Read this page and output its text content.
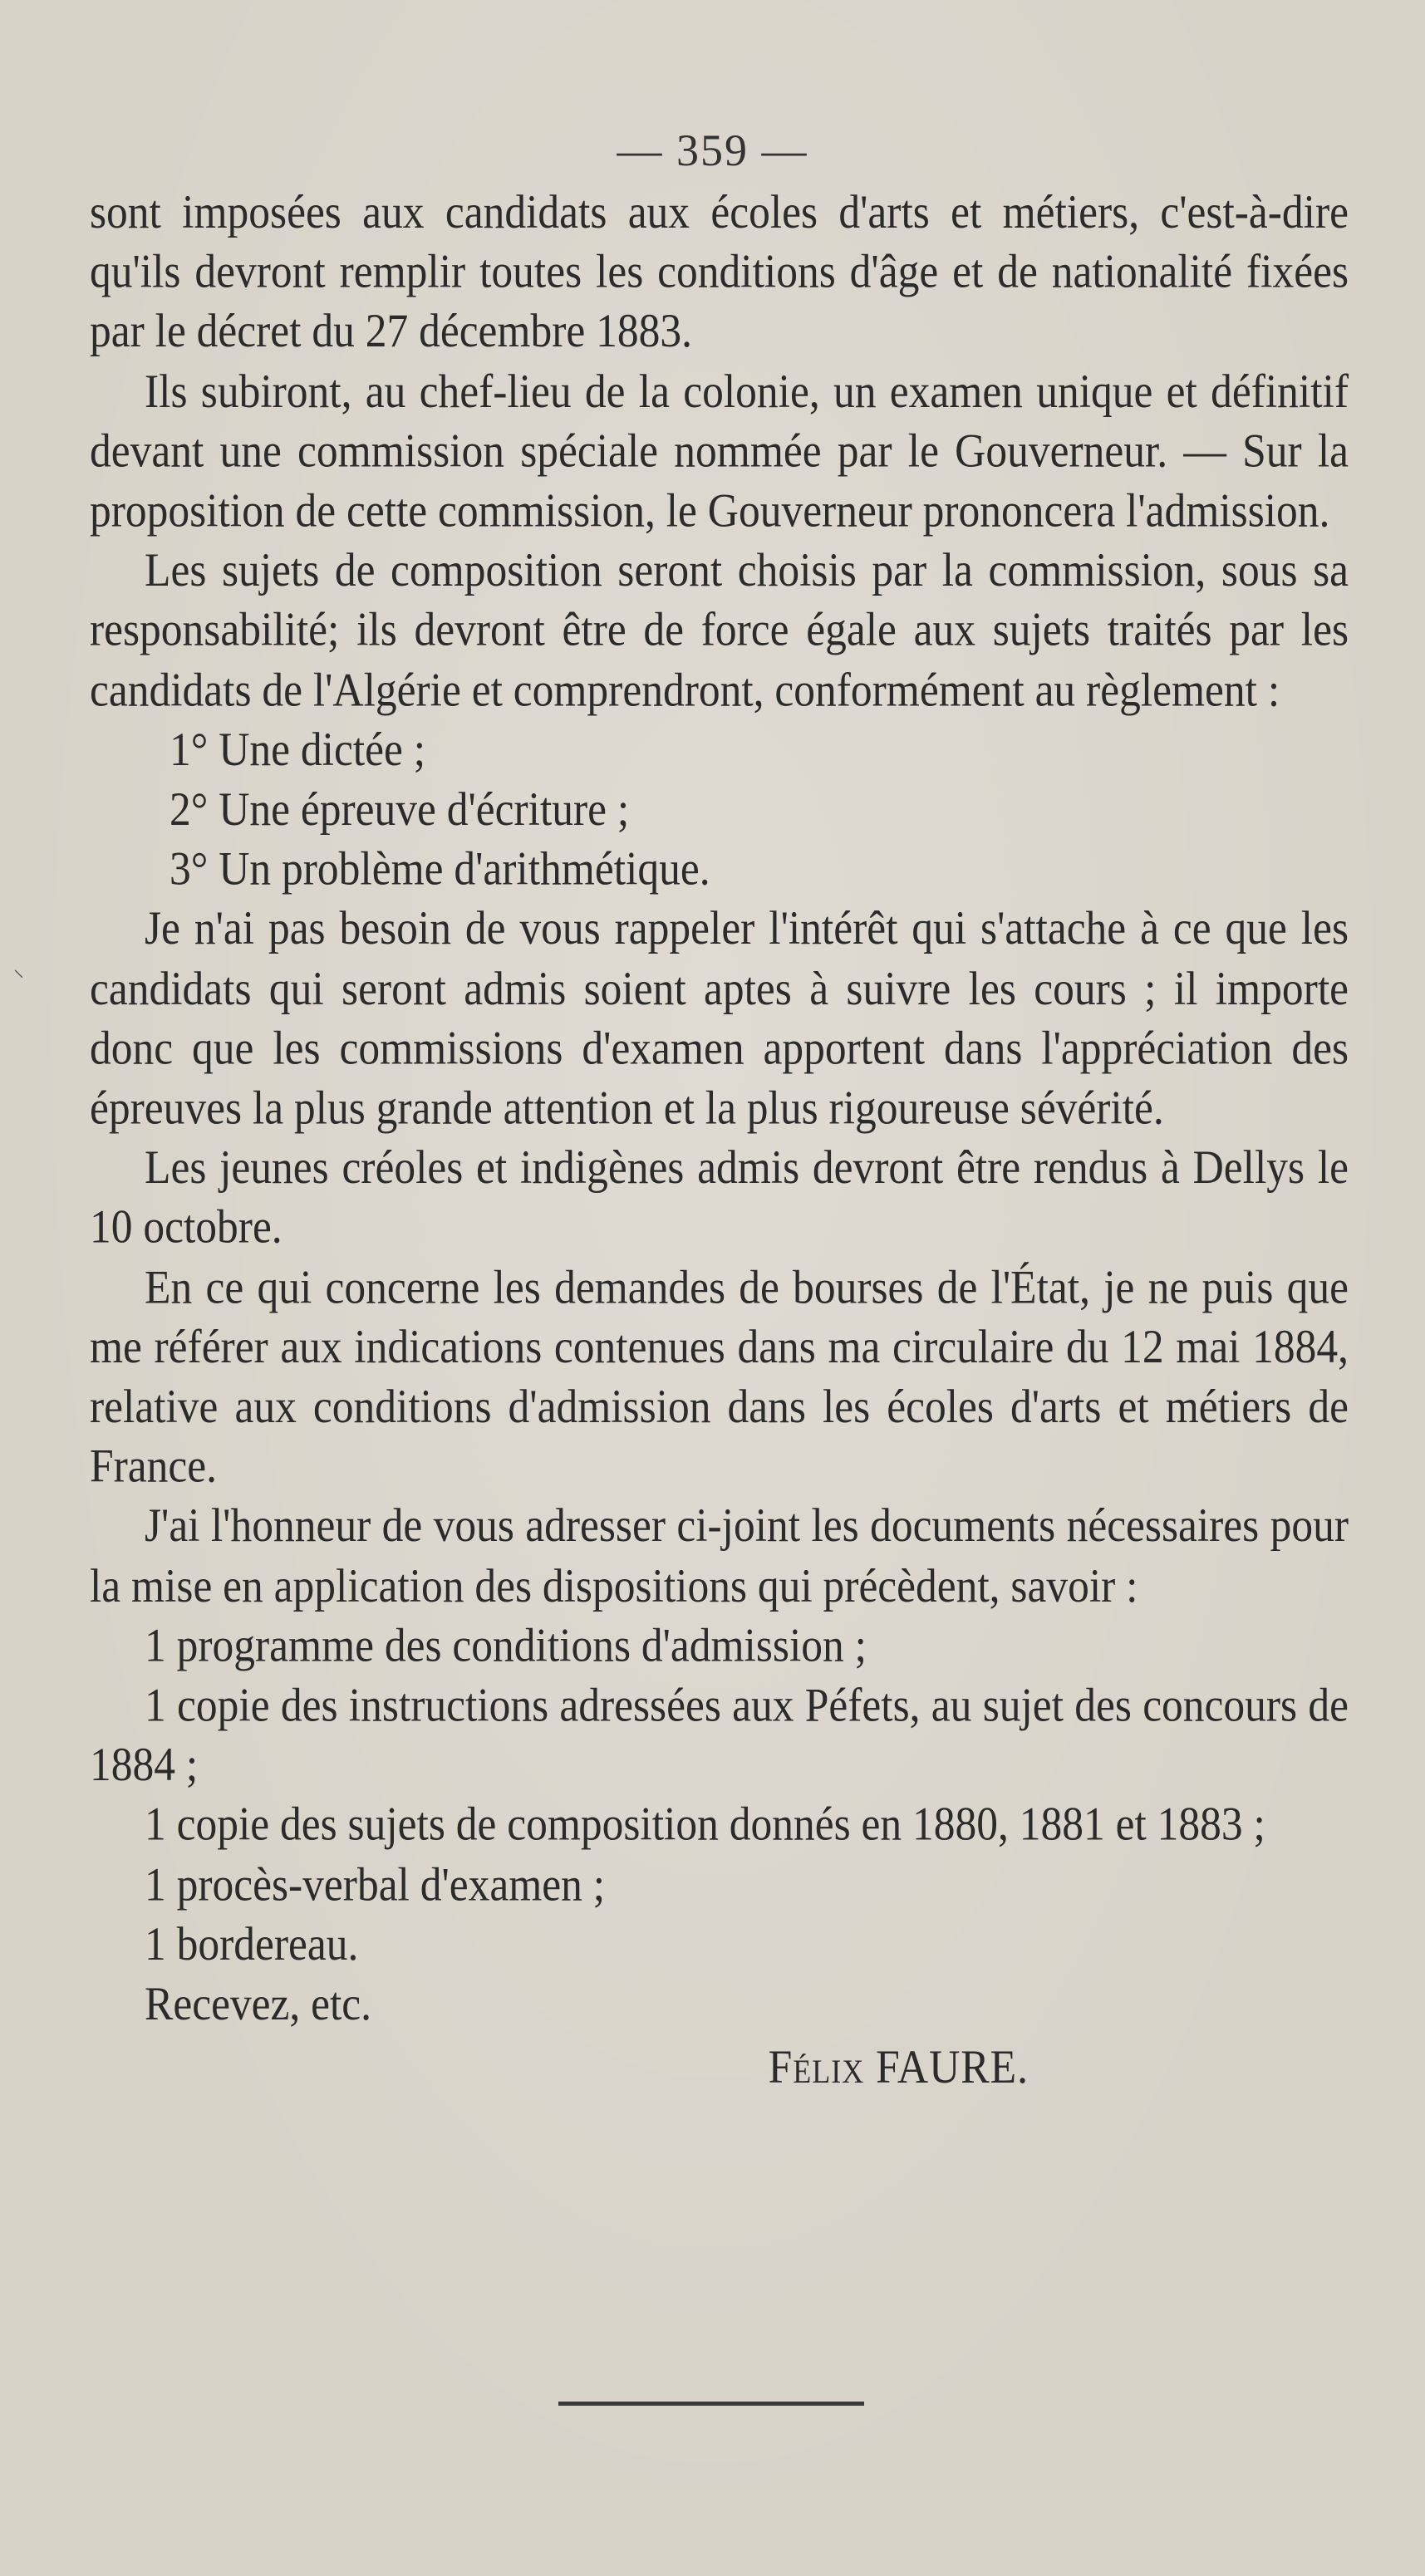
— 359 —
⸌

sont imposées aux candidats aux écoles d'arts et métiers, c'est-à-dire qu'ils devront remplir toutes les conditions d'âge et de nationalité fixées par le décret du 27 décembre 1883.

Ils subiront, au chef-lieu de la colonie, un examen unique et définitif devant une commission spéciale nommée par le Gouverneur. — Sur la proposition de cette commission, le Gouverneur prononcera l'admission.

Les sujets de composition seront choisis par la commission, sous sa responsabilité; ils devront être de force égale aux sujets traités par les candidats de l'Algérie et comprendront, conformément au règlement :

1° Une dictée ;

2° Une épreuve d'écriture ;

3° Un problème d'arithmétique.

Je n'ai pas besoin de vous rappeler l'intérêt qui s'attache à ce que les candidats qui seront admis soient aptes à suivre les cours ; il importe donc que les commissions d'examen apportent dans l'appréciation des épreuves la plus grande attention et la plus rigoureuse sévérité.

Les jeunes créoles et indigènes admis devront être rendus à Dellys le 10 octobre.

En ce qui concerne les demandes de bourses de l'État, je ne puis que me référer aux indications contenues dans ma circulaire du 12 mai 1884, relative aux conditions d'admission dans les écoles d'arts et métiers de France.

J'ai l'honneur de vous adresser ci-joint les documents nécessaires pour la mise en application des dispositions qui précèdent, savoir :

1 programme des conditions d'admission ;

1 copie des instructions adressées aux Péfets, au sujet des concours de 1884 ;

1 copie des sujets de composition donnés en 1880, 1881 et 1883 ;

1 procès-verbal d'examen ;

1 bordereau.

Recevez, etc.

Félix FAURE.
